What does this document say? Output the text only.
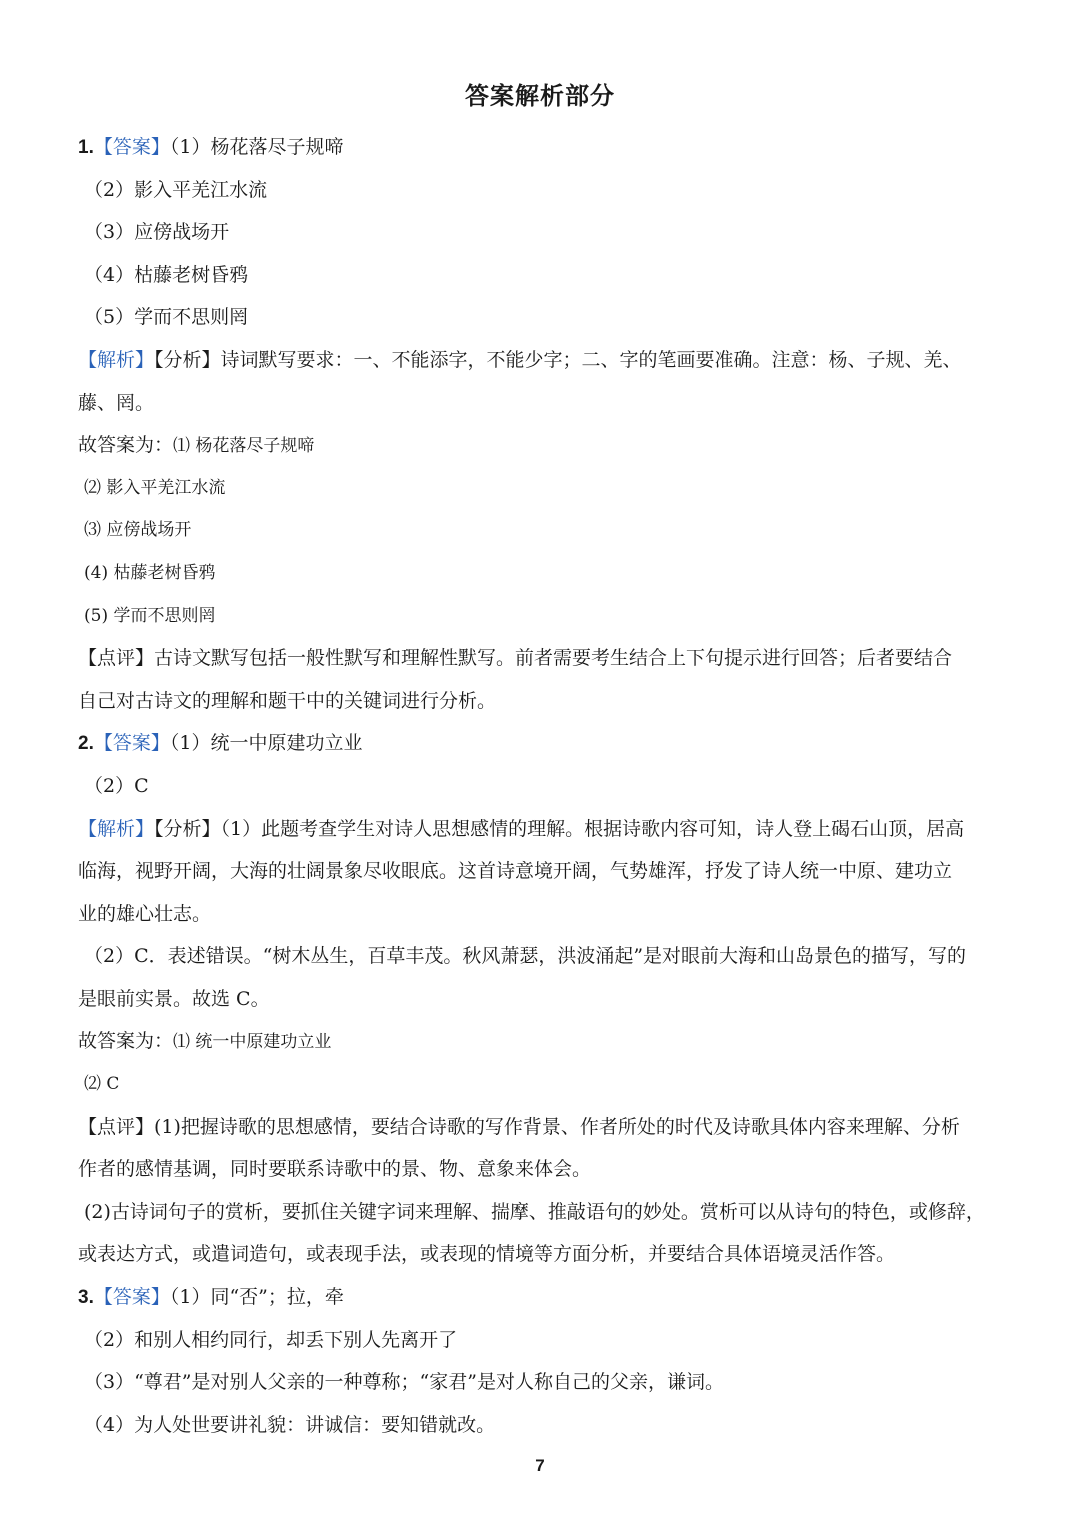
答案解析部分
1.【答案】（1）杨花落尽子规啼
（2）影入平羌江水流
（3）应傍战场开
（4）枯藤老树昏鸦
（5）学而不思则罔
【解析】【分析】诗词默写要求：一、不能添字，不能少字；二、字的笔画要准确。注意：杨、子规、羌、
藤、罔。
故答案为：⑴ 杨花落尽子规啼
⑵ 影入平羌江水流
⑶ 应傍战场开
(4) 枯藤老树昏鸦
(5) 学而不思则罔
【点评】古诗文默写包括一般性默写和理解性默写。前者需要考生结合上下句提示进行回答；后者要结合
自己对古诗文的理解和题干中的关键词进行分析。
2.【答案】（1）统一中原建功立业
（2）C
【解析】【分析】（1）此题考查学生对诗人思想感情的理解。根据诗歌内容可知，诗人登上碣石山顶，居高
临海，视野开阔，大海的壮阔景象尽收眼底。这首诗意境开阔，气势雄浑，抒发了诗人统一中原、建功立
业的雄心壮志。
（2）C．表述错误。“树木丛生，百草丰茂。秋风萧瑟，洪波涌起”是对眼前大海和山岛景色的描写，写的
是眼前实景。故选 C。
故答案为：⑴ 统一中原建功立业
⑵ C
【点评】(1)把握诗歌的思想感情，要结合诗歌的写作背景、作者所处的时代及诗歌具体内容来理解、分析
作者的感情基调，同时要联系诗歌中的景、物、意象来体会。
(2)古诗词句子的赏析，要抓住关键字词来理解、揣摩、推敲语句的妙处。赏析可以从诗句的特色，或修辞，
或表达方式，或遣词造句，或表现手法，或表现的情境等方面分析，并要结合具体语境灵活作答。
3.【答案】（1）同“否”；拉，牵
（2）和别人相约同行，却丢下别人先离开了
（3）“尊君”是对别人父亲的一种尊称；“家君”是对人称自己的父亲，谦词。
（4）为人处世要讲礼貌：讲诚信：要知错就改。
7
